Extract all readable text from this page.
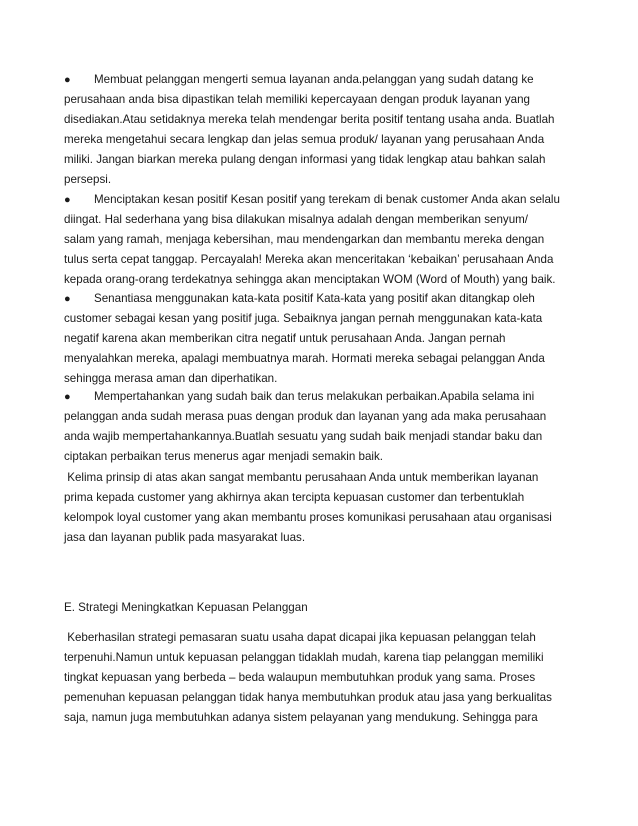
● Membuat pelanggan mengerti semua layanan anda.pelanggan yang sudah datang ke
perusahaan anda bisa dipastikan telah memiliki kepercayaan dengan produk layanan yang
disediakan.Atau setidaknya mereka telah mendengar berita positif tentang usaha anda. Buatlah
mereka mengetahui secara lengkap dan jelas semua produk/ layanan yang perusahaan Anda
miliki. Jangan biarkan mereka pulang dengan informasi yang tidak lengkap atau bahkan salah
persepsi.
● Menciptakan kesan positif Kesan positif yang terekam di benak customer Anda akan selalu
diingat. Hal sederhana yang bisa dilakukan misalnya adalah dengan memberikan senyum/
salam yang ramah, menjaga kebersihan, mau mendengarkan dan membantu mereka dengan
tulus serta cepat tanggap. Percayalah! Mereka akan menceritakan ‘kebaikan’ perusahaan Anda
kepada orang-orang terdekatnya sehingga akan menciptakan WOM (Word of Mouth) yang baik.
● Senantiasa menggunakan kata-kata positif Kata-kata yang positif akan ditangkap oleh
customer sebagai kesan yang positif juga. Sebaiknya jangan pernah menggunakan kata-kata
negatif karena akan memberikan citra negatif untuk perusahaan Anda. Jangan pernah
menyalahkan mereka, apalagi membuatnya marah. Hormati mereka sebagai pelanggan Anda
sehingga merasa aman dan diperhatikan.
● Mempertahankan yang sudah baik dan terus melakukan perbaikan.Apabila selama ini
pelanggan anda sudah merasa puas dengan produk dan layanan yang ada maka perusahaan
anda wajib mempertahankannya.Buatlah sesuatu yang sudah baik menjadi standar baku dan
ciptakan perbaikan terus menerus agar menjadi semakin baik.
Kelima prinsip di atas akan sangat membantu perusahaan Anda untuk memberikan layanan
prima kepada customer yang akhirnya akan tercipta kepuasan customer dan terbentuklah
kelompok loyal customer yang akan membantu proses komunikasi perusahaan atau organisasi
jasa dan layanan publik pada masyarakat luas.
E. Strategi Meningkatkan Kepuasan Pelanggan
Keberhasilan strategi pemasaran suatu usaha dapat dicapai jika kepuasan pelanggan telah
terpenuhi.Namun untuk kepuasan pelanggan tidaklah mudah, karena tiap pelanggan memiliki
tingkat kepuasan yang berbeda – beda walaupun membutuhkan produk yang sama. Proses
pemenuhan kepuasan pelanggan tidak hanya membutuhkan produk atau jasa yang berkualitas
saja, namun juga membutuhkan adanya sistem pelayanan yang mendukung. Sehingga para
